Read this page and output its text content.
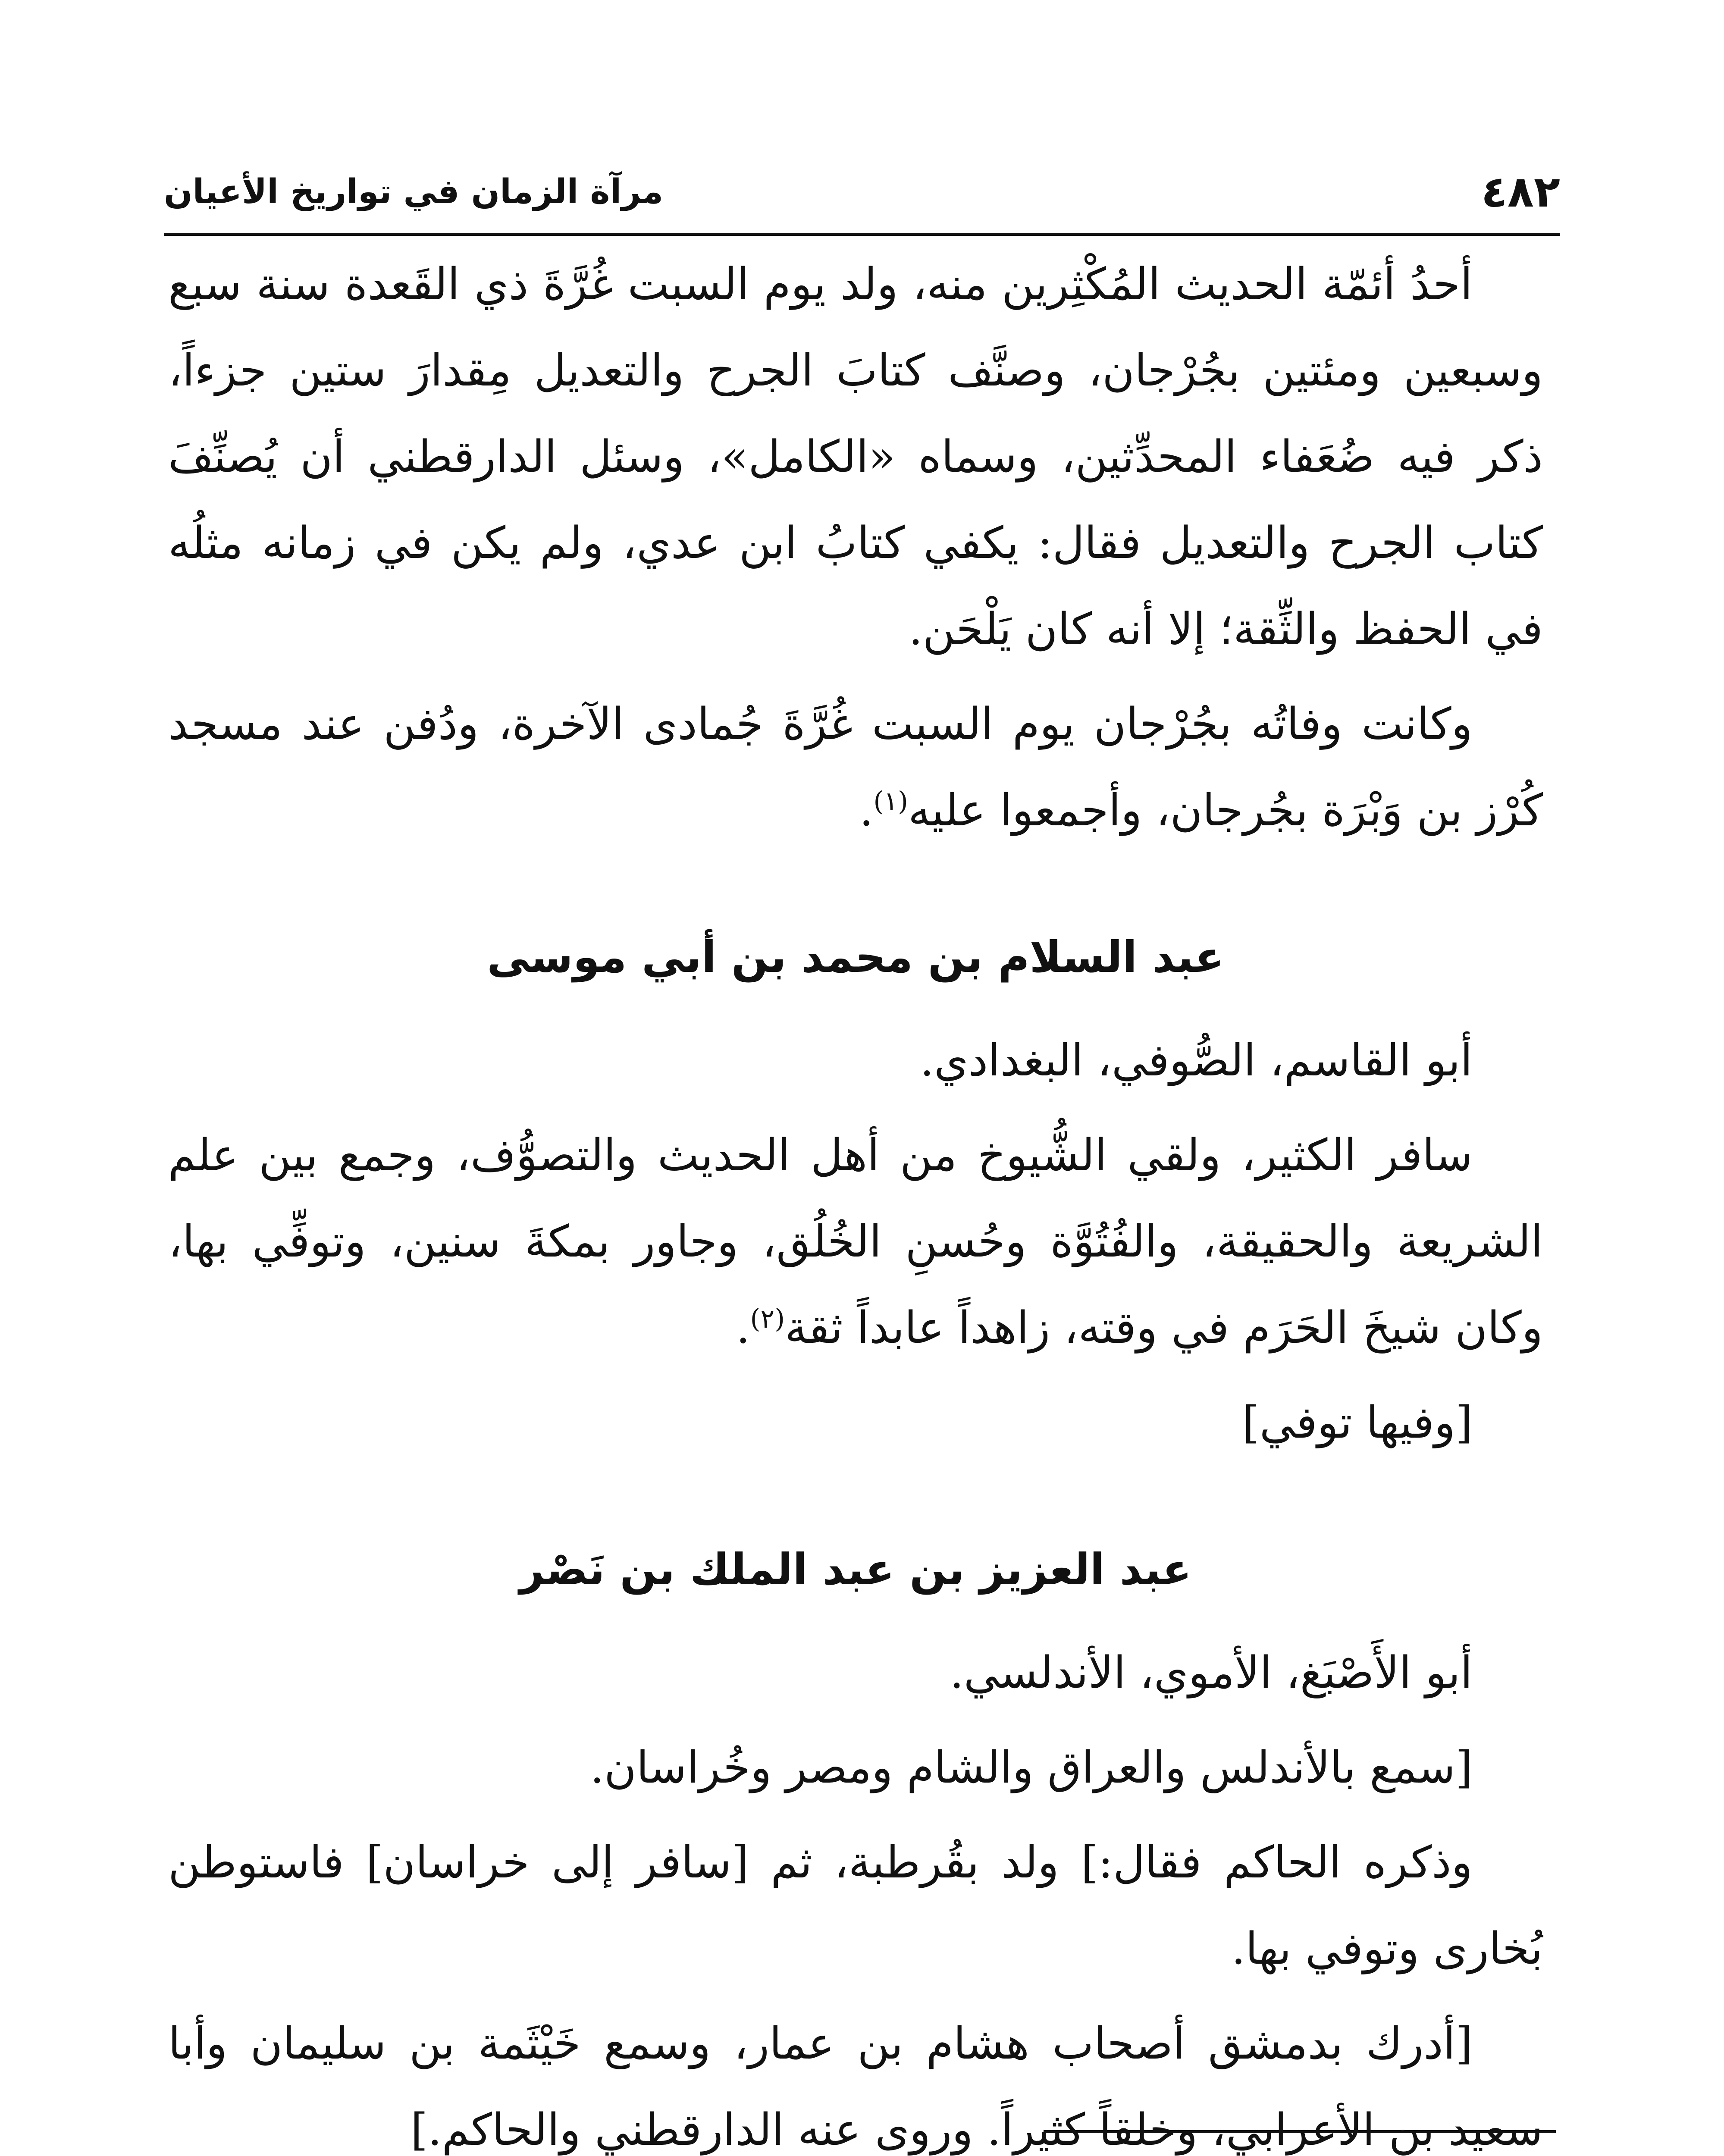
٤٨٢
مرآة الزمان في تواريخ الأعيان

أحدُ أئمّة الحديث المُكْثِرين منه، ولد يوم السبت غُرَّةَ ذي القَعدة سنة سبع وسبعين ومئتين بجُرْجان، وصنَّف كتابَ الجرح والتعديل مِقدارَ ستين جزءاً، ذكر فيه ضُعَفاء المحدِّثين، وسماه «الكامل»، وسئل الدارقطني أن يُصنِّفَ كتاب الجرح والتعديل فقال: يكفي كتابُ ابن عدي، ولم يكن في زمانه مثلُه في الحفظ والثِّقة؛ إلا أنه كان يَلْحَن.

وكانت وفاتُه بجُرْجان يوم السبت غُرَّةَ جُمادى الآخرة، ودُفن عند مسجد كُرْز بن وَبْرَة بجُرجان، وأجمعوا عليه$^{(١)}$.

عبد السلام بن محمد بن أبي موسى

أبو القاسم، الصُّوفي، البغدادي.

سافر الكثير، ولقي الشُّيوخ من أهل الحديث والتصوُّف، وجمع بين علم الشريعة والحقيقة، والفُتُوَّة وحُسنِ الخُلُق، وجاور بمكةَ سنين، وتوفِّي بها، وكان شيخَ الحَرَم في وقته، زاهداً عابداً ثقة$^{(٢)}$.

[وفيها توفي]

عبد العزيز بن عبد الملك بن نَصْر

أبو الأَصْبَغ، الأموي، الأندلسي.

[سمع بالأندلس والعراق والشام ومصر وخُراسان.

وذكره الحاكم فقال:] ولد بقُرطبة، ثم [سافر إلى خراسان] فاستوطن بُخارى وتوفي بها.

[أدرك بدمشق أصحاب هشام بن عمار، وسمع خَيْثَمة بن سليمان وأبا سعيد بن الأعرابي، وخلقاً كثيراً. وروى عنه الدارقطني والحاكم.]
